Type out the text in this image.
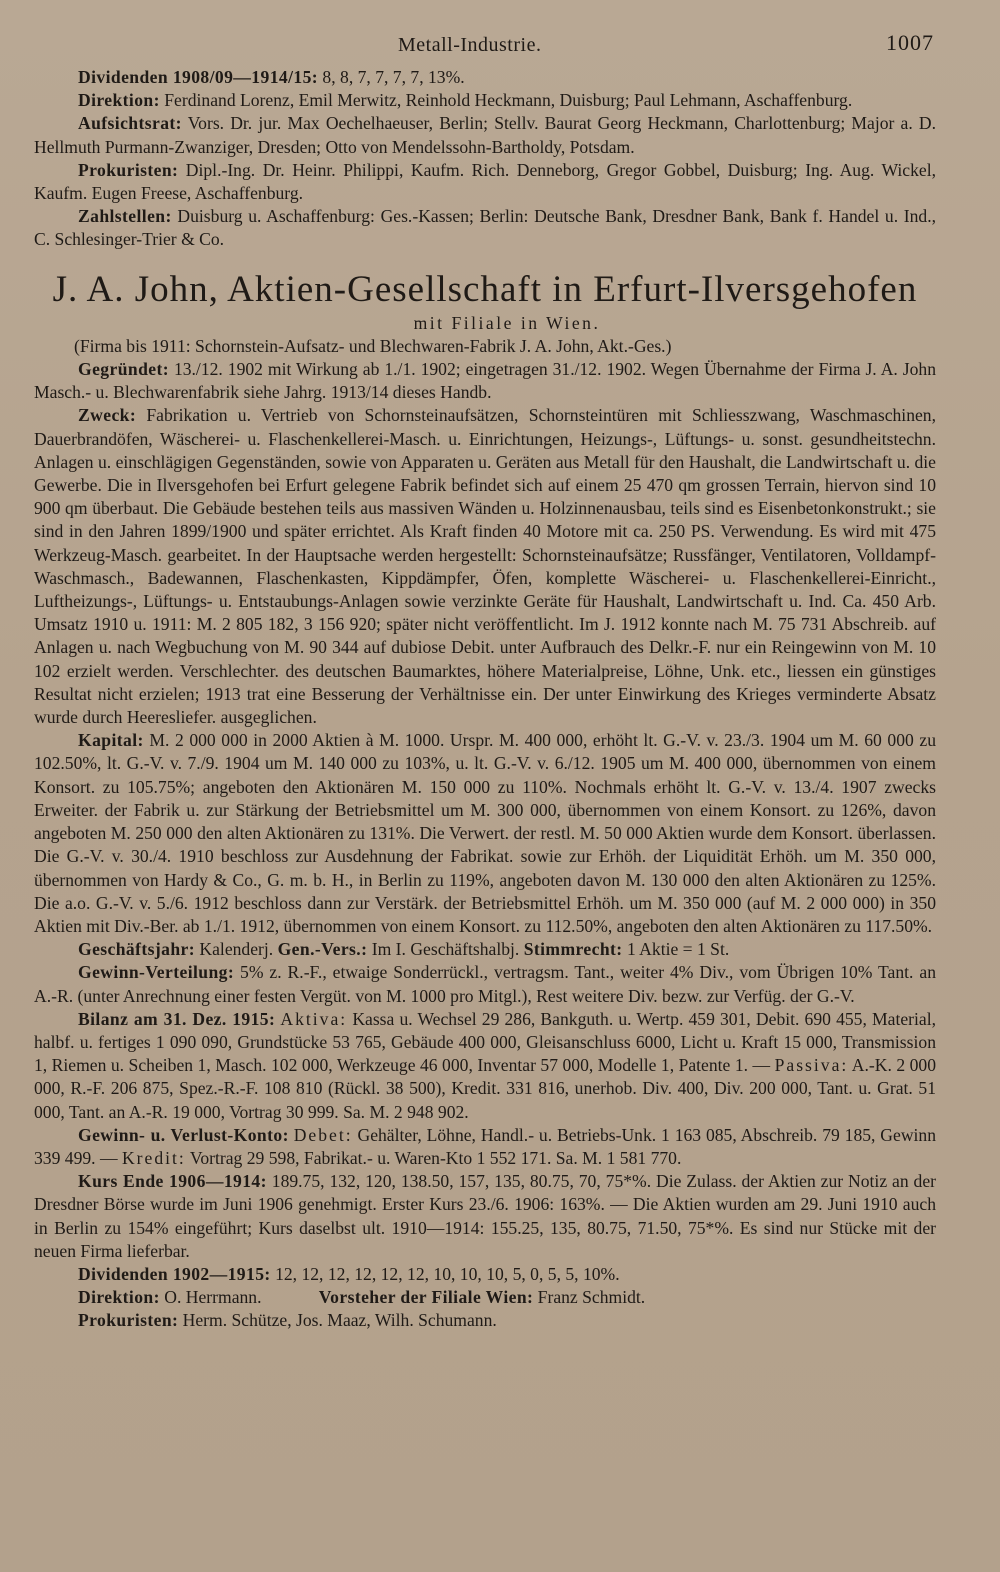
Metall-Industrie.	1007

Dividenden 1908/09—1914/15: 8, 8, 7, 7, 7, 7, 13%.

Direktion: Ferdinand Lorenz, Emil Merwitz, Reinhold Heckmann, Duisburg; Paul Lehmann, Aschaffenburg.

Aufsichtsrat: Vors. Dr. jur. Max Oechelhaeuser, Berlin; Stellv. Baurat Georg Heckmann, Charlottenburg; Major a. D. Hellmuth Purmann-Zwanziger, Dresden; Otto von Mendelssohn-Bartholdy, Potsdam.

Prokuristen: Dipl.-Ing. Dr. Heinr. Philippi, Kaufm. Rich. Denneborg, Gregor Gobbel, Duisburg; Ing. Aug. Wickel, Kaufm. Eugen Freese, Aschaffenburg.

Zahlstellen: Duisburg u. Aschaffenburg: Ges.-Kassen; Berlin: Deutsche Bank, Dresdner Bank, Bank f. Handel u. Ind., C. Schlesinger-Trier & Co.

J. A. John, Aktien-Gesellschaft in Erfurt-Ilversgehofen

mit Filiale in Wien.

(Firma bis 1911: Schornstein-Aufsatz- und Blechwaren-Fabrik J. A. John, Akt.-Ges.)

Gegründet: 13./12. 1902 mit Wirkung ab 1./1. 1902; eingetragen 31./12. 1902. Wegen Übernahme der Firma J. A. John Masch.- u. Blechwarenfabrik siehe Jahrg. 1913/14 dieses Handb.

Zweck: Fabrikation u. Vertrieb von Schornsteinaufsätzen, Schornsteintüren mit Schliesszwang, Waschmaschinen, Dauerbrandöfen, Wäscherei- u. Flaschenkellerei-Masch. u. Einrichtungen, Heizungs-, Lüftungs- u. sonst. gesundheitstechn. Anlagen u. einschlägigen Gegenständen, sowie von Apparaten u. Geräten aus Metall für den Haushalt, die Landwirtschaft u. die Gewerbe. Die in Ilversgehofen bei Erfurt gelegene Fabrik befindet sich auf einem 25 470 qm grossen Terrain, hiervon sind 10 900 qm überbaut. Die Gebäude bestehen teils aus massiven Wänden u. Holzinnenausbau, teils sind es Eisenbetonkonstrukt.; sie sind in den Jahren 1899/1900 und später errichtet. Als Kraft finden 40 Motore mit ca. 250 PS. Verwendung. Es wird mit 475 Werkzeug-Masch. gearbeitet. In der Hauptsache werden hergestellt: Schornsteinaufsätze; Russfänger, Ventilatoren, Volldampf-Waschmasch., Badewannen, Flaschenkasten, Kippdämpfer, Öfen, komplette Wäscherei- u. Flaschenkellerei-Einricht., Luftheizungs-, Lüftungs- u. Entstaubungs-Anlagen sowie verzinkte Geräte für Haushalt, Landwirtschaft u. Ind. Ca. 450 Arb. Umsatz 1910 u. 1911: M. 2 805 182, 3 156 920; später nicht veröffentlicht. Im J. 1912 konnte nach M. 75 731 Abschreib. auf Anlagen u. nach Wegbuchung von M. 90 344 auf dubiose Debit. unter Aufbrauch des Delkr.-F. nur ein Reingewinn von M. 10 102 erzielt werden. Verschlechter. des deutschen Baumarktes, höhere Materialpreise, Löhne, Unk. etc., liessen ein günstiges Resultat nicht erzielen; 1913 trat eine Besserung der Verhältnisse ein. Der unter Einwirkung des Krieges verminderte Absatz wurde durch Heeresliefer. ausgeglichen.

Kapital: M. 2 000 000 in 2000 Aktien à M. 1000. Urspr. M. 400 000, erhöht lt. G.-V. v. 23./3. 1904 um M. 60 000 zu 102.50%, lt. G.-V. v. 7./9. 1904 um M. 140 000 zu 103%, u. lt. G.-V. v. 6./12. 1905 um M. 400 000, übernommen von einem Konsort. zu 105.75%; angeboten den Aktionären M. 150 000 zu 110%. Nochmals erhöht lt. G.-V. v. 13./4. 1907 zwecks Erweiter. der Fabrik u. zur Stärkung der Betriebsmittel um M. 300 000, übernommen von einem Konsort. zu 126%, davon angeboten M. 250 000 den alten Aktionären zu 131%. Die Verwert. der restl. M. 50 000 Aktien wurde dem Konsort. überlassen. Die G.-V. v. 30./4. 1910 beschloss zur Ausdehnung der Fabrikat. sowie zur Erhöh. der Liquidität Erhöh. um M. 350 000, übernommen von Hardy & Co., G. m. b. H., in Berlin zu 119%, angeboten davon M. 130 000 den alten Aktionären zu 125%. Die a.o. G.-V. v. 5./6. 1912 beschloss dann zur Verstärk. der Betriebsmittel Erhöh. um M. 350 000 (auf M. 2 000 000) in 350 Aktien mit Div.-Ber. ab 1./1. 1912, übernommen von einem Konsort. zu 112.50%, angeboten den alten Aktionären zu 117.50%.

Geschäftsjahr: Kalenderj. Gen.-Vers.: Im I. Geschäftshalbj. Stimmrecht: 1 Aktie = 1 St.

Gewinn-Verteilung: 5% z. R.-F., etwaige Sonderrückl., vertragsm. Tant., weiter 4% Div., vom Übrigen 10% Tant. an A.-R. (unter Anrechnung einer festen Vergüt. von M. 1000 pro Mitgl.), Rest weitere Div. bezw. zur Verfüg. der G.-V.

Bilanz am 31. Dez. 1915: Aktiva: Kassa u. Wechsel 29 286, Bankguth. u. Wertp. 459 301, Debit. 690 455, Material, halbf. u. fertiges 1 090 090, Grundstücke 53 765, Gebäude 400 000, Gleisanschluss 6000, Licht u. Kraft 15 000, Transmission 1, Riemen u. Scheiben 1, Masch. 102 000, Werkzeuge 46 000, Inventar 57 000, Modelle 1, Patente 1. — Passiva: A.-K. 2 000 000, R.-F. 206 875, Spez.-R.-F. 108 810 (Rückl. 38 500), Kredit. 331 816, unerhob. Div. 400, Div. 200 000, Tant. u. Grat. 51 000, Tant. an A.-R. 19 000, Vortrag 30 999. Sa. M. 2 948 902.

Gewinn- u. Verlust-Konto: Debet: Gehälter, Löhne, Handl.- u. Betriebs-Unk. 1 163 085, Abschreib. 79 185, Gewinn 339 499. — Kredit: Vortrag 29 598, Fabrikat.- u. Waren-Kto 1 552 171. Sa. M. 1 581 770.

Kurs Ende 1906—1914: 189.75, 132, 120, 138.50, 157, 135, 80.75, 70, 75*%. Die Zulass. der Aktien zur Notiz an der Dresdner Börse wurde im Juni 1906 genehmigt. Erster Kurs 23./6. 1906: 163%. — Die Aktien wurden am 29. Juni 1910 auch in Berlin zu 154% eingeführt; Kurs daselbst ult. 1910—1914: 155.25, 135, 80.75, 71.50, 75*%. Es sind nur Stücke mit der neuen Firma lieferbar.

Dividenden 1902—1915: 12, 12, 12, 12, 12, 12, 10, 10, 10, 5, 0, 5, 5, 10%.

Direktion: O. Herrmann.	Vorsteher der Filiale Wien: Franz Schmidt.

Prokuristen: Herm. Schütze, Jos. Maaz, Wilh. Schumann.
